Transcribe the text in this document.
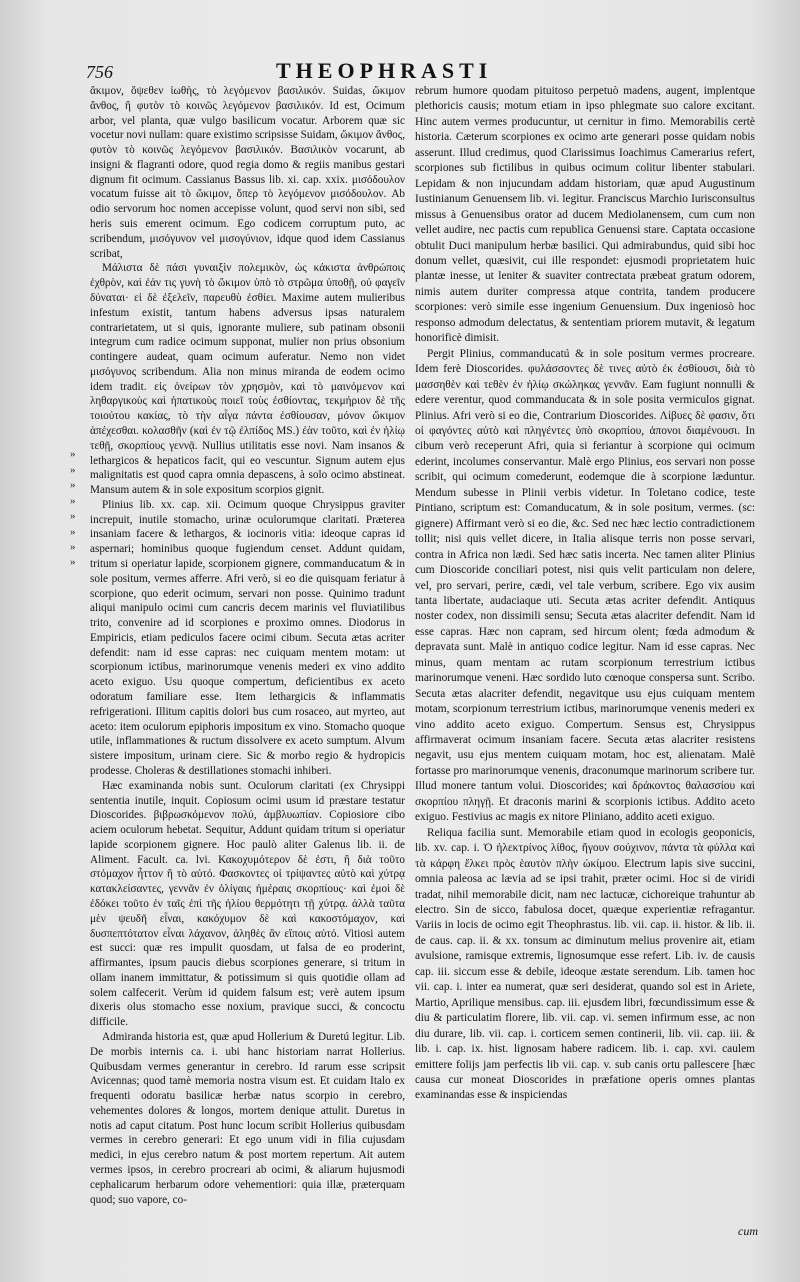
756	THEOPHRASTI

ἄκιμον, ὄψεθεν ἰωθὴς, τὸ λεγόμενον βασιλικόν. Suidas, ὤκιμον ἄνθος, ἢ φυτὸν τὸ κοινῶς λεγόμενον βασιλικόν. Id est, Ocimum arbor, vel planta, quæ vulgo basilicum vocatur. Arborem quæ sic vocetur novi nullam: quare existimo scripsisse Suidam, ὤκιμον ἄνθος, φυτὸν τὸ κοινῶς λεγόμενον βασιλικόν. Βασιλικὸν vocarunt, ab insigni & flagranti odore, quod regia domo & regiis manibus gestari dignum fit ocimum. Cassianus Bassus lib. xi. cap. xxix. μισόδουλον vocatum fuisse ait τὸ ὤκιμον, ὅπερ τὸ λεγόμενον μισόδουλον. Ab odio servorum hoc nomen accepisse volunt, quod servi non sibi, sed heris suis emerent ocimum. Ego codicem corruptum puto, ac scribendum, μισόγυνον vel μισογύνιον, idque quod idem Cassianus scribat,

Μάλιστα δὲ πάσι γυναιξὶν πολεμικὸν, ὡς κάκιστα ἀνθρώποις ἐχθρὸν, καὶ ἐάν τις γυνὴ τὸ ὤκιμον ὑπὸ τὸ στρῶμα ὑποθῇ, οὐ φαγεῖν δύναται· εἰ δὲ ἐξελεῖν, παρευθὺ ἐσθίει. Maxime autem mulieribus infestum existit, tantum habens adversus ipsas naturalem contrarietatem, ut si quis, ignorante muliere, sub patinam obsonii integrum cum radice ocimum supponat, mulier non prius obsonium contingere audeat, quam ocimum auferatur. Nemo non videt μισόγυνος scribendum. Alia non minus miranda de eodem ocimo idem tradit. εἰς ὀνείρων τὸν χρησμὸν, καὶ τὸ μαινόμενον καὶ ληθαργικοὺς καὶ ἠπατικοὺς ποιεῖ τοὺς ἐσθίοντας, τεκμήριον δὲ τῆς τοιούτου κακίας, τὸ τὴν αἶγα πάντα ἐσθίουσαν, μόνον ὤκιμον ἀπέχεσθαι. κολασθῆν (καὶ ἐν τῷ ἐλπίδος MS.) ἐὰν τοῦτο, καὶ ἐν ἡλίῳ τεθῇ, σκορπίους γεννᾷ. Nullius utilitatis esse novi. Nam insanos & lethargicos & hepaticos facit, qui eo vescuntur. Signum autem ejus malignitatis est quod capra omnia depascens, à solo ocimo abstineat. Mansum autem & in sole expositum scorpios gignit.

Plinius lib. xx. cap. xii. Ocimum quoque Chrysippus graviter increpuit, inutile stomacho, urinæ oculorumque claritati. Præterea insaniam facere & lethargos, & iocinoris vitia: ideoque capras id aspernari; hominibus quoque fugiendum censet. Addunt quidam, tritum si operiatur lapide, scorpionem gignere, commanducatum & in sole positum, vermes afferre. Afri verò, si eo die quisquam feriatur à scorpione, quo ederit ocimum, servari non posse. Quinimo tradunt aliqui manipulo ocimi cum cancris decem marinis vel fluviatilibus trito, convenire ad id scorpiones e proximo omnes. Diodorus in Empiricis, etiam pediculos facere ocimi cibum. Secuta ætas acriter defendit: nam id esse capras: nec cuiquam mentem motam: ut scorpionum ictibus, marinorumque venenis mederi ex vino addito aceto exiguo. Usu quoque compertum, deficientibus ex aceto odoratum familiare esse. Item lethargicis & inflammatis refrigerationi. Illitum capitis dolori bus cum rosaceo, aut myrteo, aut aceto: item oculorum epiphoris impositum ex vino. Stomacho quoque utile, inflammationes & ructum dissolvere ex aceto sumptum. Alvum sistere impositum, urinam ciere. Sic & morbo regio & hydropicis prodesse. Choleras & destillationes stomachi inhiberi.

Hæc examinanda nobis sunt. Oculorum claritati (ex Chrysippi sententia inutile, inquit. Copiosum ocimi usum id præstare testatur Dioscorides. βιβρωσκόμενον πολύ, ἀμβλυωπίαν. Copiosiore cibo aciem oculorum hebetat. Sequitur, Addunt quidam tritum si operiatur lapide scorpionem gignere. Hoc paulò aliter Galenus lib. ii. de Aliment. Facult. ca. lvi. Κακοχυμότερον δὲ ἐστι, ἢ διὰ τοῦτο στόμαχον ἧττον ἢ τὸ αὐτό. Φασκοντες οἱ τρίψαντες αὐτὸ καὶ χύτρᾳ κατακλείσαντες, γεννᾶν ἐν ὀλίγαις ἡμέραις σκορπίους· καὶ ἐμοὶ δὲ ἐδόκει τοῦτο ἐν ταῖς ἐπὶ τῆς ἡλίου θερμότητι τῇ χύτρᾳ. ἀλλὰ ταῦτα μὲν ψευδῆ εἶναι, κακόχυμον δὲ καὶ κακοστόμαχον, καὶ δυσπεπτότατον εἶναι λάχανον, ἀληθὲς ἂν εἴποις αὐτό. Vitiosi autem est succi: quæ res impulit quosdam, ut falsa de eo proderint, affirmantes, ipsum paucis diebus scorpiones generare, si tritum in ollam inanem immittatur, & potissimum si quis quotidie ollam ad solem calfecerit. Verùm id quidem falsum est; verè autem ipsum dixeris olus stomacho esse noxium, pravique succi, & concoctu difficile.

Admiranda historia est, quæ apud Hollerium & Duretú legitur. Lib. De morbis internis ca. i. ubi hanc historiam narrat Hollerius. Quibusdam vermes generantur in cerebro. Id rarum esse scripsit Avicennas; quod tamè memoria nostra visum est. Et cuidam Italo ex frequenti odoratu basilicæ herbæ natus scorpio in cerebro, vehementes dolores & longos, mortem denique attulit. Duretus in notis ad caput citatum. Post hunc locum scribit Hollerius quibusdam vermes in cerebro generari: Et ego unum vidi in filia cujusdam medici, in ejus cerebro natum & post mortem repertum. Ait autem vermes ipsos, in cerebro procreari ab ocimi, & aliarum hujusmodi cephalicarum herbarum odore vehementiori: quia illæ, præterquam quod; suo vapore, co-

rebrum humore quodam pituitoso perpetuò madens, augent, implentque plethoricis causis; motum etiam in ipso phlegmate suo calore excitant. Hinc autem vermes producuntur, ut cernitur in fimo. Memorabilis certè historia. Cæterum scorpiones ex ocimo arte generari posse quidam nobis asserunt. Illud credimus, quod Clarissimus Ioachimus Camerarius refert, scorpiones sub fictilibus in quibus ocimum colitur libenter stabulari. Lepidam & non injucundam addam historiam, quæ apud Augustinum Iustinianum Genuensem lib. vi. legitur. Franciscus Marchio Iurisconsultus missus à Genuensibus orator ad ducem Mediolanensem, cum cum non vellet audire, nec pactis cum republica Genuensi stare. Captata occasione obtulit Duci manipulum herbæ basilici. Qui admirabundus, quid sibi hoc donum vellet, quæsivit, cui ille respondet: ejusmodi proprietatem huic plantæ inesse, ut leniter & suaviter contrectata præbeat gratum odorem, nimis autem duriter compressa atque contrita, tandem producere scorpiones: verò simile esse ingenium Genuensium. Dux ingeniosò hoc responso admodum delectatus, & sententiam priorem mutavit, & legatum honorificè dimisit.

Pergit Plinius, commanducatú & in sole positum vermes procreare. Idem ferè Dioscorides. φυλάσσοντες δὲ τινες αὐτὸ ἐκ ἐσθίουσι, διὰ τὸ μασσηθὲν καὶ τεθὲν ἐν ἡλίῳ σκώληκας γεννᾶν. Eam fugiunt nonnulli & edere verentur, quod commanducata & in sole posita vermiculos gignat. Plinius. Afri verò si eo die, Contrarium Dioscorides. Λίβυες δὲ φασιν, ὅτι οἱ φαγόντες αὐτὸ καὶ πληγέντες ὑπὸ σκορπίου, ἀπονοι διαμένουσι. In cibum verò receperunt Afri, quia si feriantur à scorpione qui ocimum ederint, incolumes conservantur. Malè ergo Plinius, eos servari non posse scribit, qui ocimum comederunt, eodemque die à scorpione læduntur. Mendum subesse in Plinii verbis videtur. In Toletano codice, teste Pintiano, scriptum est: Comanducatum, & in sole positum, vermes. (sc: gignere) Affirmant verò si eo die, &c. Sed nec hæc lectio contradictionem tollit; nisi quis vellet dicere, in Italia alisque terris non posse servari, contra in Africa non lædi. Sed hæc satis incerta. Nec tamen aliter Plinius cum Dioscoride conciliari potest, nisi quis velit particulam non delere, vel, pro servari, perire, cædi, vel tale verbum, scribere. Ego vix ausim tanta libertate, audaciaque uti. Secuta ætas acriter defendit. Antiquus noster codex, non dissimili sensu; Secuta ætas alacriter defendit. Nam id esse capras. Hæc non capram, sed hircum olent; fœda admodum & depravata sunt. Malè in antiquo codice legitur. Nam id esse capras. Nec minus, quam mentam ac rutam scorpionum terrestrium ictibus marinorumque veneni. Hæc sordido luto cœnoque conspersa sunt. Scribo. Secuta ætas alacriter defendit, negavitque usu ejus cuiquam mentem motam, scorpionum terrestrium ictibus, marinorumque venenis mederi ex vino addito aceto exiguo. Compertum. Sensus est, Chrysippus affirmaverat ocimum insaniam facere. Secuta ætas alacriter resistens negavit, usu ejus mentem cuiquam motam, hoc est, alienatam. Malè fortasse pro marinorumque venenis, draconumque marinorum scribere tur. Illud monere tantum volui. Dioscorides; καὶ δράκοντος θαλασσίου καὶ σκορπίου πληγῇ. Et draconis marini & scorpionis ictibus. Addito aceto exiguo. Festivius ac magis ex nitore Pliniano, addito aceti exiguo.

Reliqua facilia sunt. Memorabile etiam quod in ecologis geoponicis, lib. xv. cap. i. Ὁ ἠλεκτρίνος λίθος, ἤγουν σούχινον, πάντα τὰ φύλλα καὶ τὰ κάρφη ἕλκει πρὸς ἑαυτὸν πλὴν ὠκίμου. Electrum lapis sive succini, omnia paleosa ac lævia ad se ipsi trahit, præter ocimi. Hoc si de viridi tradat, nihil memorabile dicit, nam nec lactucæ, cichoreique trahuntur ab electro. Sin de sicco, fabulosa docet, quæque experientiæ refragantur. Variis in locis de ocimo egit Theophrastus. lib. vii. cap. ii. histor. & lib. ii. de caus. cap. ii. & xx. tonsum ac diminutum melius provenire ait, etiam avulsione, ramisque extremis, lignosumque esse refert. Lib. iv. de causis cap. iii. siccum esse & debile, ideoque æstate serendum. Lib. tamen hoc vii. cap. i. inter ea numerat, quæ seri desiderat, quando sol est in Ariete, Martio, Aprilique mensibus. cap. iii. ejusdem libri, fœcundissimum esse & diu & particulatim florere, lib. vii. cap. vi. semen infirmum esse, ac non diu durare, lib. vii. cap. i. corticem semen continerii, lib. vii. cap. iii. & lib. i. cap. ix. hist. lignosam habere radicem. lib. i. cap. xvi. caulem emittere folijs jam perfectis lib vii. cap. v. sub canis ortu pallescere [hæc causa cur moneat Dioscorides in præfatione operis omnes plantas examinandas esse & inspiciendas

»
»
»
»
»
»
»
»
cum
